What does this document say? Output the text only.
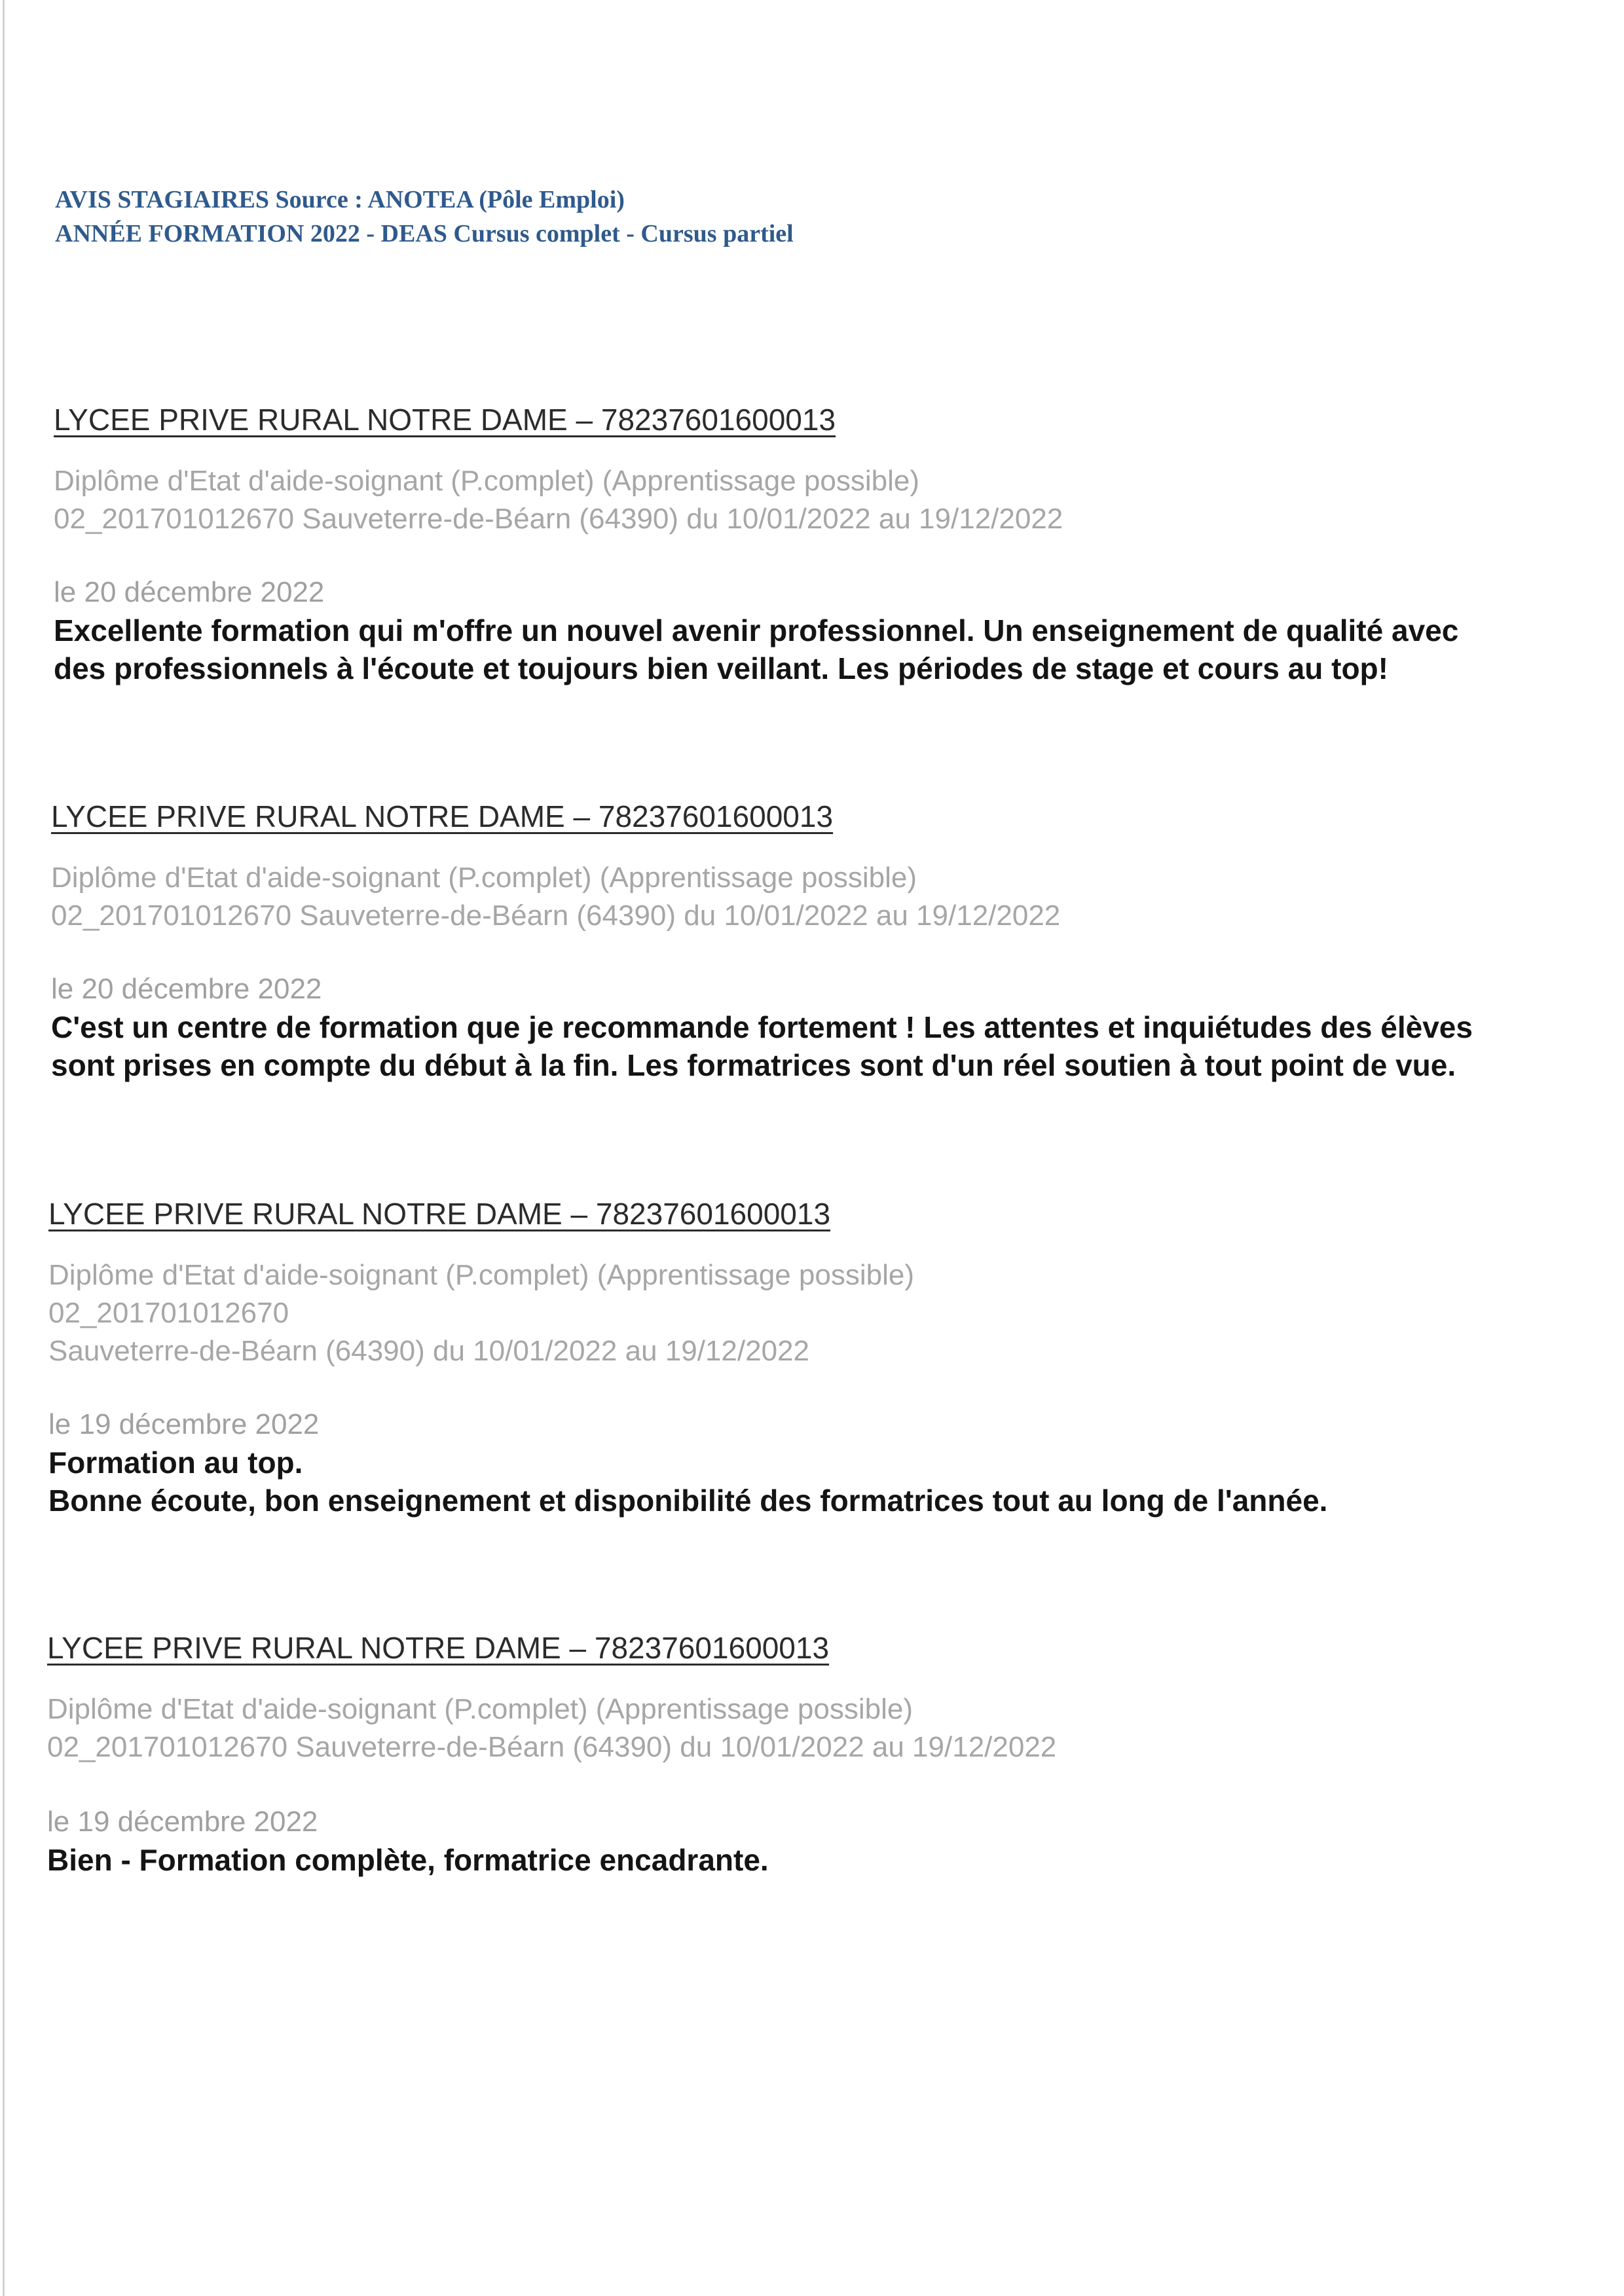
AVIS STAGIAIRES Source : ANOTEA (Pôle Emploi)
ANNÉE FORMATION 2022 - DEAS Cursus complet - Cursus partiel
LYCEE PRIVE RURAL NOTRE DAME – 78237601600013
Diplôme d'Etat d'aide-soignant (P.complet) (Apprentissage possible)
02_201701012670 Sauveterre-de-Béarn (64390) du 10/01/2022 au 19/12/2022
le 20 décembre 2022
Excellente formation qui m'offre un nouvel avenir professionnel. Un enseignement de qualité avec
des professionnels à l'écoute et toujours bien veillant. Les périodes de stage et cours au top!
LYCEE PRIVE RURAL NOTRE DAME – 78237601600013
Diplôme d'Etat d'aide-soignant (P.complet) (Apprentissage possible)
02_201701012670 Sauveterre-de-Béarn (64390) du 10/01/2022 au 19/12/2022
le 20 décembre 2022
C'est un centre de formation que je recommande fortement ! Les attentes et inquiétudes des élèves
sont prises en compte du début à la fin. Les formatrices sont d'un réel soutien à tout point de vue.
LYCEE PRIVE RURAL NOTRE DAME – 78237601600013
Diplôme d'Etat d'aide-soignant (P.complet) (Apprentissage possible)
02_201701012670
Sauveterre-de-Béarn (64390) du 10/01/2022 au 19/12/2022
le 19 décembre 2022
Formation au top.
Bonne écoute, bon enseignement et disponibilité des formatrices tout au long de l'année.
LYCEE PRIVE RURAL NOTRE DAME – 78237601600013
Diplôme d'Etat d'aide-soignant (P.complet) (Apprentissage possible)
02_201701012670 Sauveterre-de-Béarn (64390) du 10/01/2022 au 19/12/2022
le 19 décembre 2022
Bien - Formation complète, formatrice encadrante.
